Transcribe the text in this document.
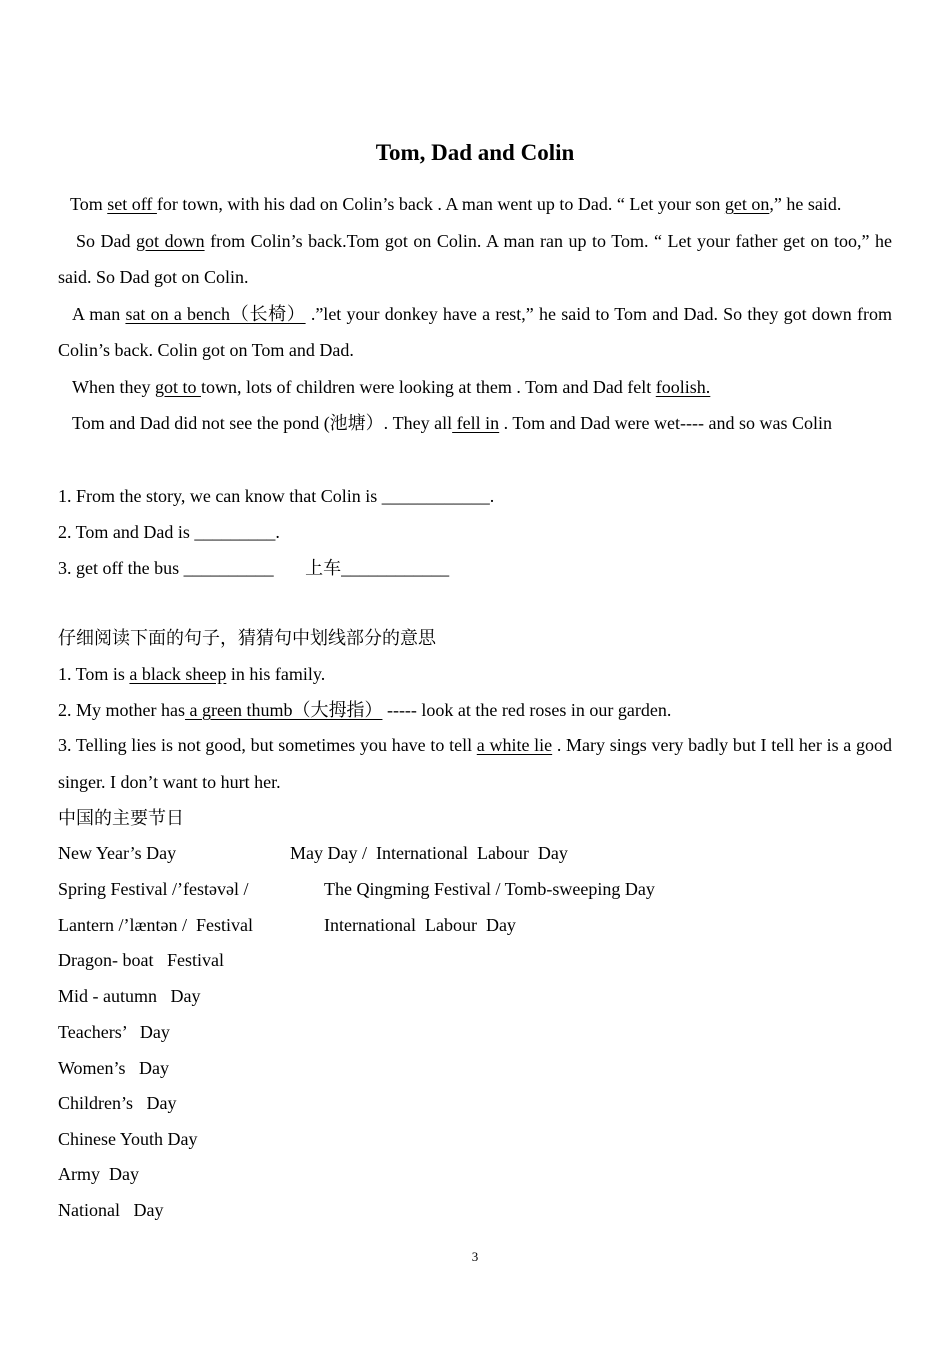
Tom, Dad and Colin

Tom set off for town, with his dad on Colin’s back . A man went up to Dad. “ Let your son get on,” he said.

So Dad got down from Colin’s back.Tom got on Colin. A man ran up to Tom. “ Let your father get on too,” he said. So Dad got on Colin.

A man sat on a bench（长椅） .”let your donkey have a rest,” he said to Tom and Dad. So they got down from Colin’s back. Colin got on Tom and Dad.

When they got to town, lots of children were looking at them . Tom and Dad felt foolish.

Tom and Dad did not see the pond (池塘）. They all fell in . Tom and Dad were wet---- and so was Colin

1. From the story, we can know that Colin is ____________.
2. Tom and Dad is _________.
3. get off the bus __________       上车____________
仔细阅读下面的句子，猜猜句中划线部分的意思
1. Tom is a black sheep in his family.
2. My mother has a green thumb（大拇指） ----- look at the red roses in our garden.
3. Telling lies is not good, but sometimes you have to tell a white lie . Mary sings very badly but I tell her is a good singer. I don’t want to hurt her.
中国的主要节日
New Year’s Day
Spring Festival /’festəvəl /
Lantern /’læntən /  Festival
Dragon- boat   Festival
Mid - autumn   Day
Teachers’   Day
Women’s   Day
Children’s   Day
Chinese Youth Day
Army  Day
National   Day
May Day /  International  Labour  Day
The Qingming Festival / Tomb-sweeping Day
International  Labour  Day
3
